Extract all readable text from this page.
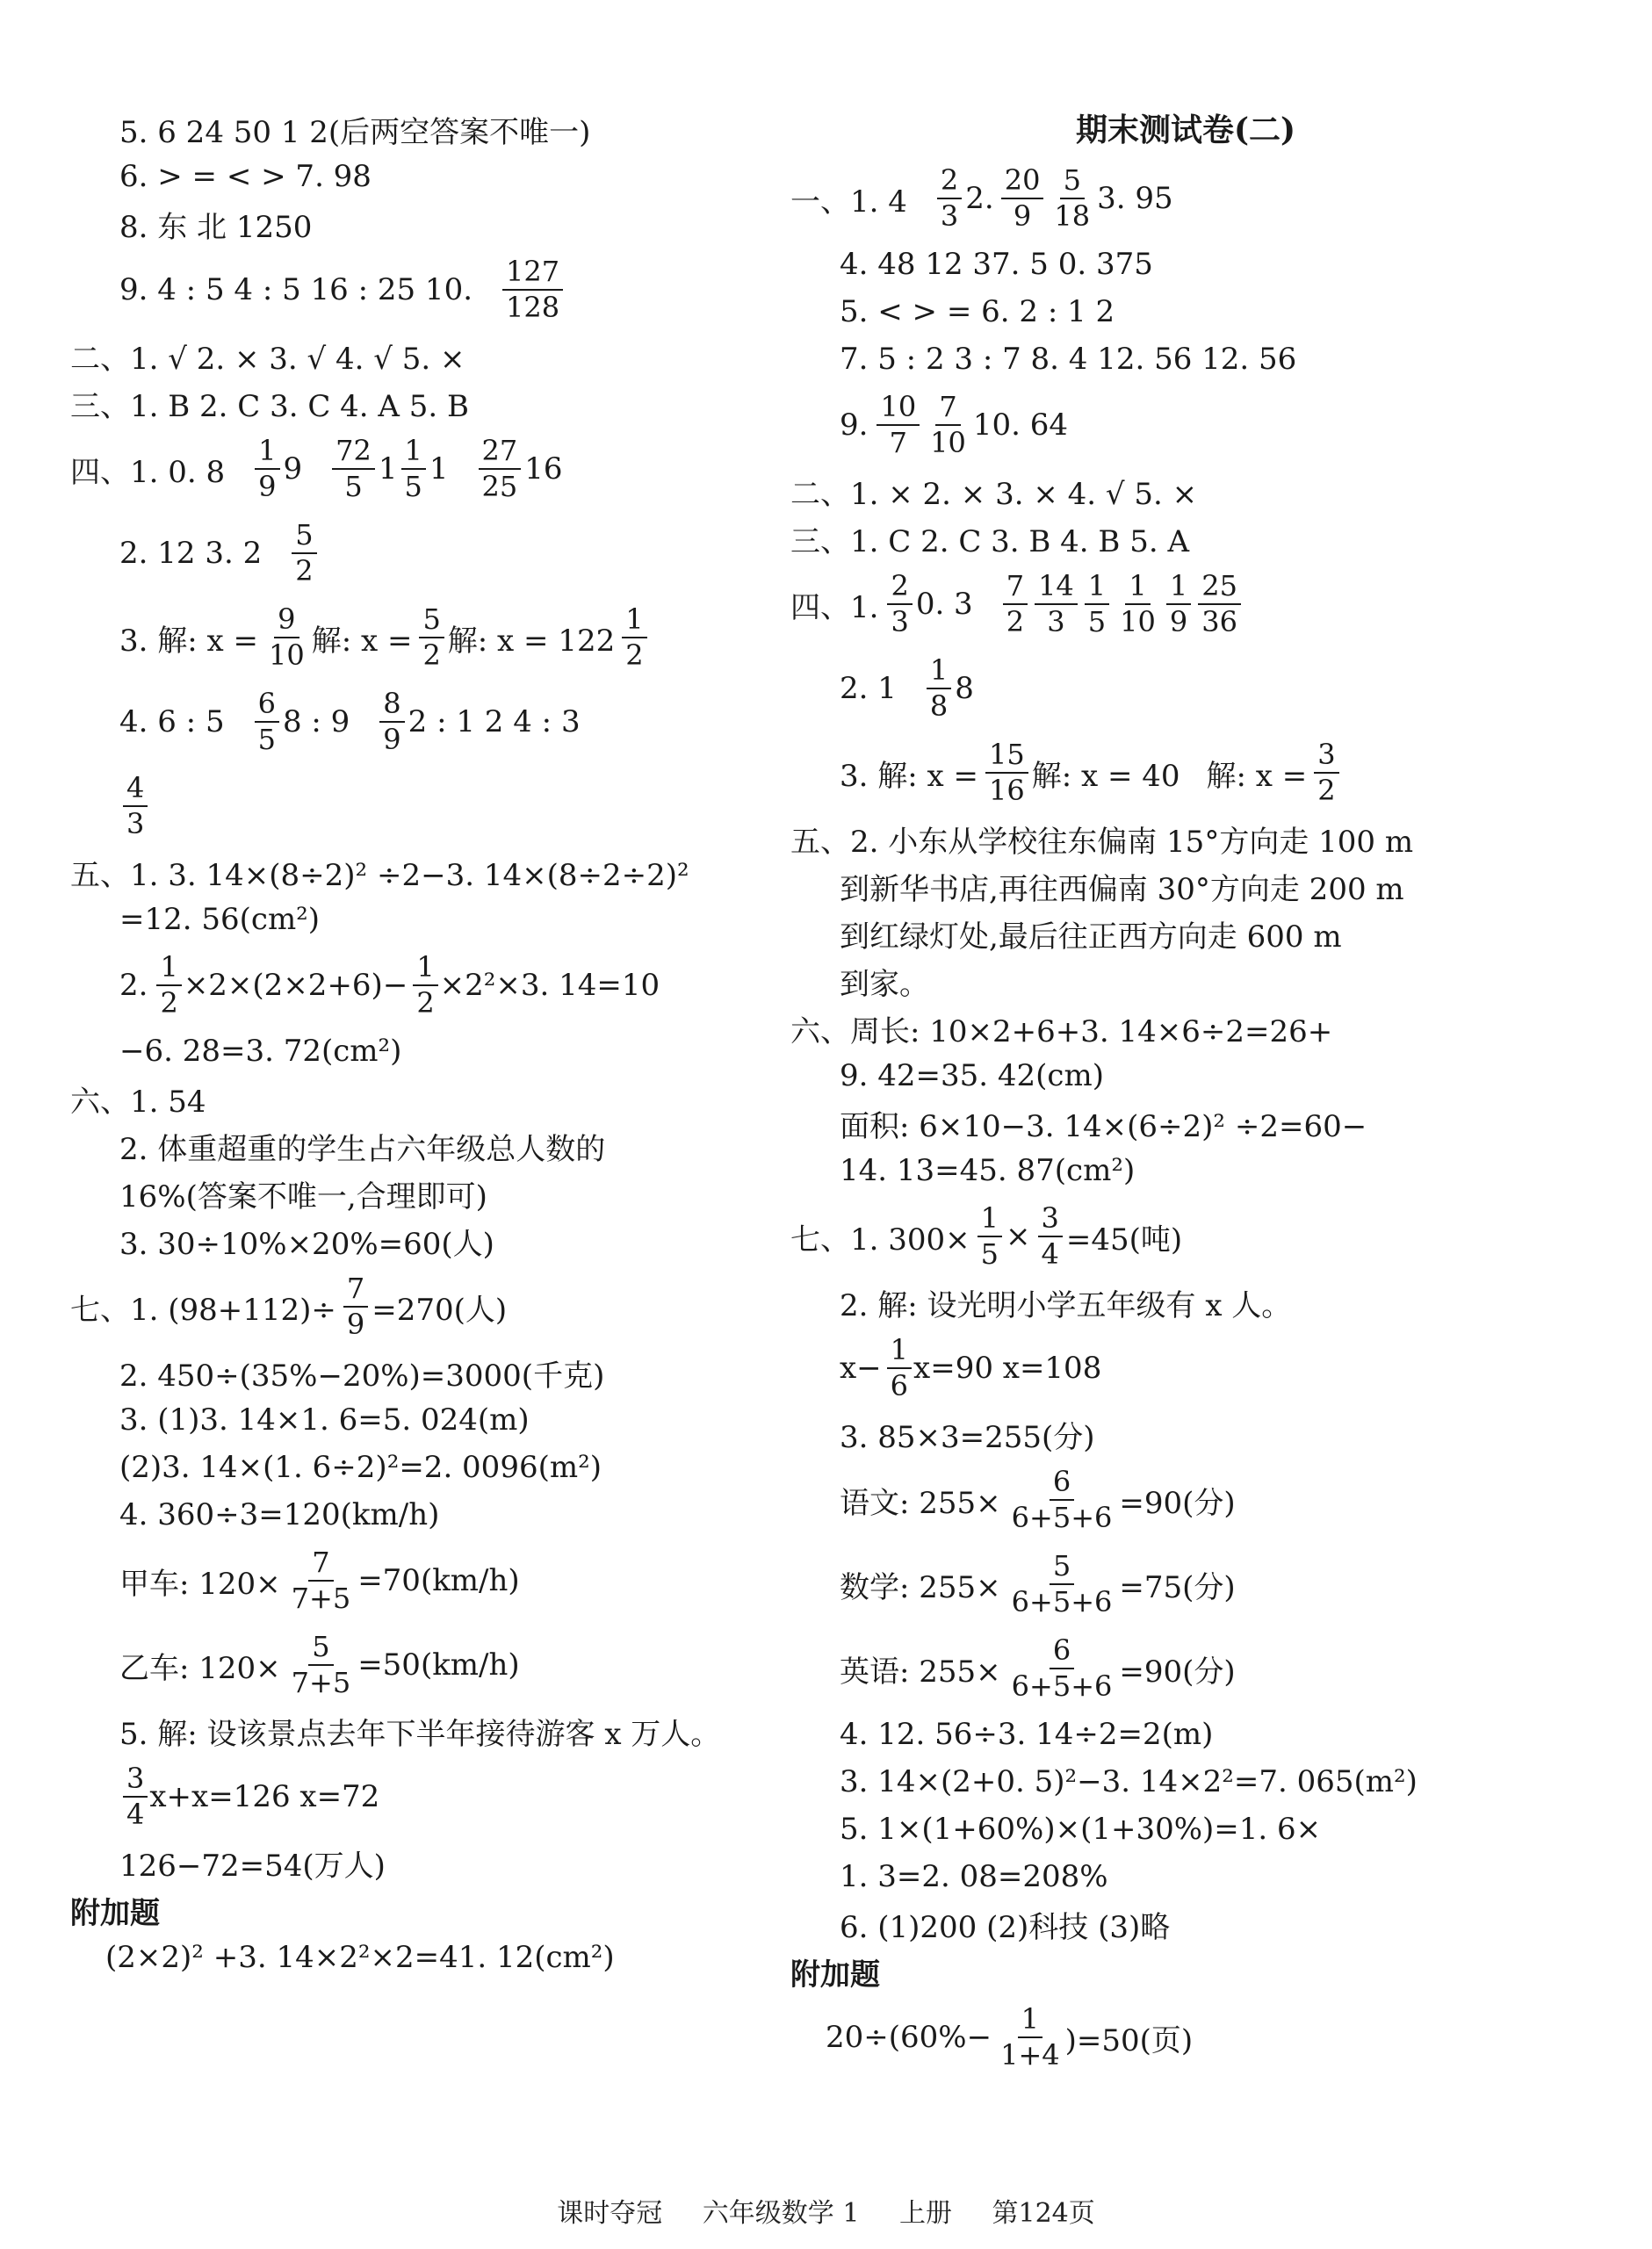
5. 6 24 50 1 2(后两空答案不唯一)
6. > = < > 7. 98
8. 东 北 1250
9. 4 : 5 4 : 5 16 : 25 10.
127
128
二、1. √ 2. × 3. √ 4. √ 5. ×
三、1. B 2. C 3. C 4. A 5. B
四、1. 0. 8
1
9 9
72
5 1
1
5 1
27
25 16
2. 12 3. 2
5
2
3. 解: $x = \frac{9}{10}$ 解: $x = \frac{5}{2}$ 解: x = 122
1
2
4. 6 : 5
6
5 8 : 9
8
9 2 : 1 2 4 : 3
4
3
五、1. 3. 14×(8÷2)² ÷2−3. 14×(8÷2÷2)²
=12. 56(cm²)
2. $\frac{1}{2} \times 2\times(2\times 2+6)- \frac{1}{2} \times 2^2\times 3$. 14=10
−6. 28=3. 72(cm²)
六、1. 54
2. 体重超重的学生占六年级总人数的
16%(答案不唯一,合理即可)
3. 30÷10%×20%=60(人)
七、1. $(98+112)\div \frac{7}{9} =270$(人)
2. 450÷(35%−20%)=3000(千克)
3. (1)3. 14×1. 6=5. 024(m)
(2)3. 14×(1. 6÷2)²=2. 0096(m²)
4. 360÷3=120(km/h)
甲车: $120\times \frac{7}{7+5} =70(km/h)$
乙车: $120\times \frac{5}{7+5} =50(km/h)$
5. 解: 设该景点去年下半年接待游客 x 万人。
3
4 x+x=126 x=72
126−72=54(万人)
附加题
(2×2)² +3. 14×2²×2=41. 12(cm²)
期末测试卷(二)
一、1. 4
2
3 2.
20
9
5
18 3. 95
4. 48 12 37. 5 0. 375
5. < > = 6. 2 : 1 2
7. 5 : 2 3 : 7 8. 4 12. 56 12. 56
9.
10
7
7
10 10. 64
二、1. × 2. × 3. × 4. √ 5. ×
三、1. C 2. C 3. B 4. B 5. A
四、1.
2
3 0. 3
7
2
14
3
1
5
1
10
1
9
25
36
2. 1
1
8 8
3. 解: $x = \frac{15}{16}$ 解: x = 40 解: $x = \frac{3}{2}$
五、2. 小东从学校往东偏南 15°方向走 100 m
到新华书店,再往西偏南 30°方向走 200 m
到红绿灯处,最后往正西方向走 600 m
到家。
六、周长: 10×2+6+3. 14×6÷2=26+
9. 42=35. 42(cm)
面积: 6×10−3. 14×(6÷2)² ÷2=60−
14. 13=45. 87(cm²)
七、1. $300\times \frac{1}{5} \times \frac{3}{4} =45$(吨)
2. 解: 设光明小学五年级有 x 人。
$x- \frac{1}{6} x=90$ x=108
3. 85×3=255(分)
语文: $255\times \frac{6}{6+5+6} =90$(分)
数学: $255\times \frac{5}{6+5+6} =75$(分)
英语: $255\times \frac{6}{6+5+6} =90$(分)
4. 12. 56÷3. 14÷2=2(m)
3. 14×(2+0. 5)²−3. 14×2²=7. 065(m²)
5. 1×(1+60%)×(1+30%)=1. 6×
1. 3=2. 08=208%
6. (1)200 (2)科技 (3)略
附加题
$20\div(60\%- \frac{1}{1+4} )=50$(页)
课时夺冠 六年级数学 1 上册 第124页
